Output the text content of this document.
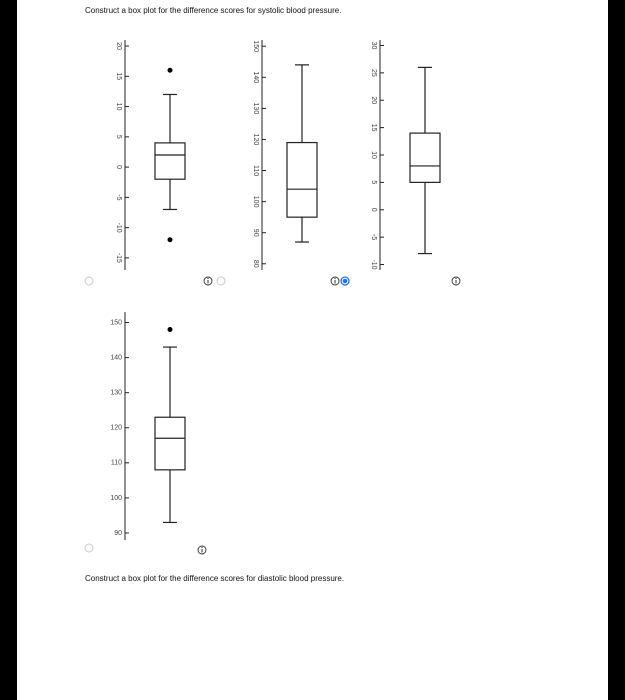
Construct a box plot for the difference scores for systolic blood pressure.
Construct a box plot for the difference scores for diastolic blood pressure.
-15
-10
-5
0
5
10
15
20
80
90
100
110
120
130
140
150
-10
-5
0
5
10
15
20
25
30
90
100
110
120
130
140
150
